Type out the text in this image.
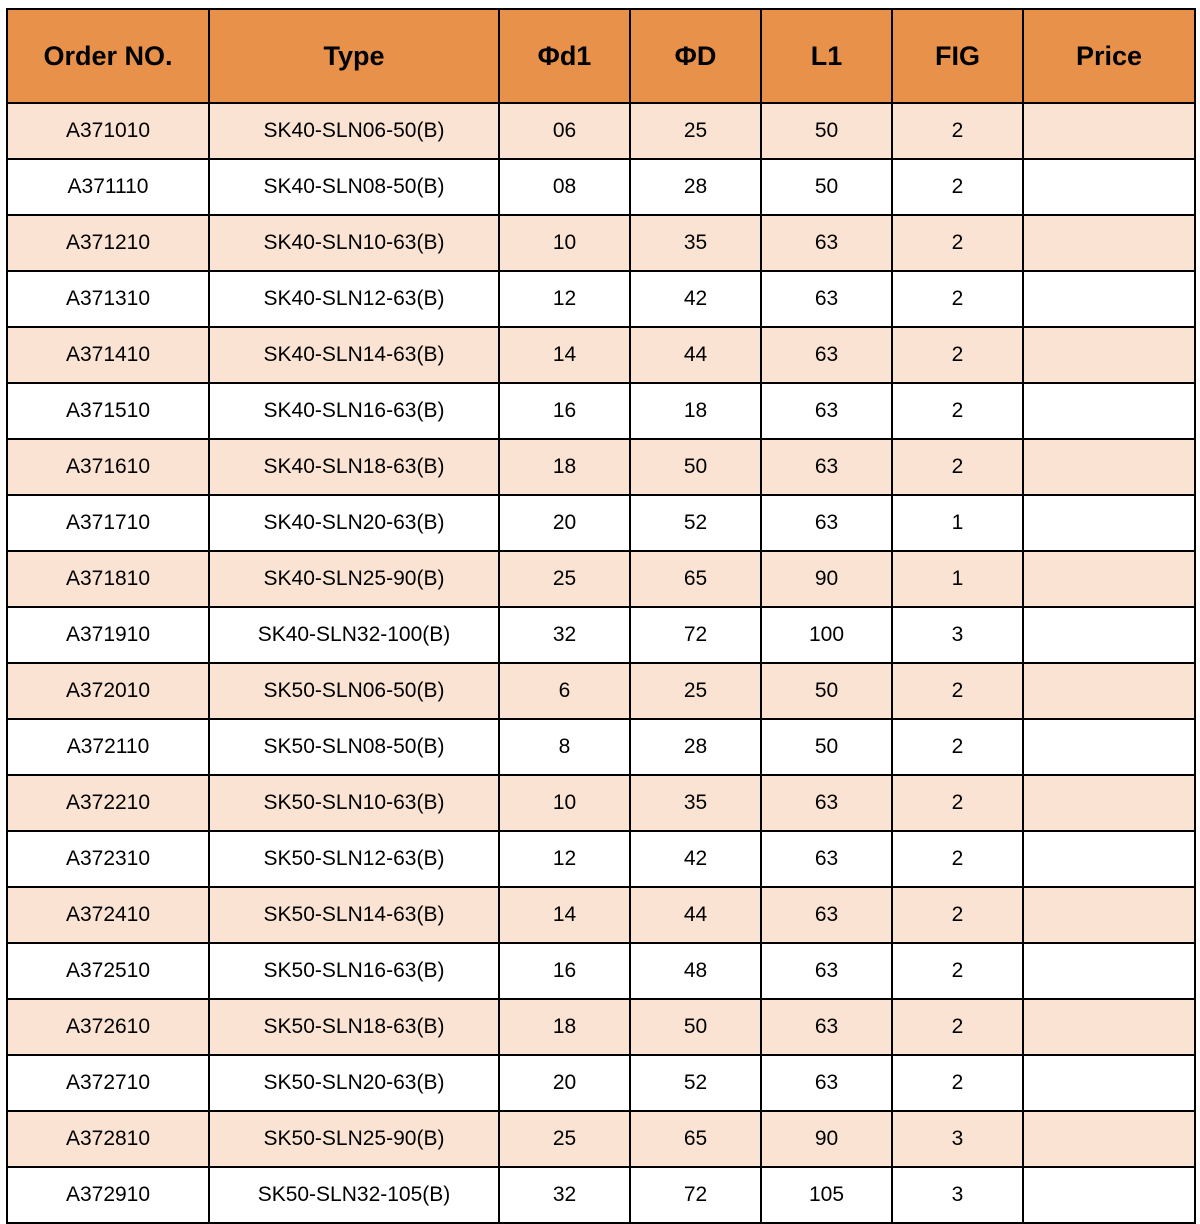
Order NO.	Type	Φd1	ΦD	L1	FIG	Price
A371010	SK40-SLN06-50(B)	06	25	50	2	
A371110	SK40-SLN08-50(B)	08	28	50	2	
A371210	SK40-SLN10-63(B)	10	35	63	2	
A371310	SK40-SLN12-63(B)	12	42	63	2	
A371410	SK40-SLN14-63(B)	14	44	63	2	
A371510	SK40-SLN16-63(B)	16	18	63	2	
A371610	SK40-SLN18-63(B)	18	50	63	2	
A371710	SK40-SLN20-63(B)	20	52	63	1	
A371810	SK40-SLN25-90(B)	25	65	90	1	
A371910	SK40-SLN32-100(B)	32	72	100	3	
A372010	SK50-SLN06-50(B)	6	25	50	2	
A372110	SK50-SLN08-50(B)	8	28	50	2	
A372210	SK50-SLN10-63(B)	10	35	63	2	
A372310	SK50-SLN12-63(B)	12	42	63	2	
A372410	SK50-SLN14-63(B)	14	44	63	2	
A372510	SK50-SLN16-63(B)	16	48	63	2	
A372610	SK50-SLN18-63(B)	18	50	63	2	
A372710	SK50-SLN20-63(B)	20	52	63	2	
A372810	SK50-SLN25-90(B)	25	65	90	3	
A372910	SK50-SLN32-105(B)	32	72	105	3	
